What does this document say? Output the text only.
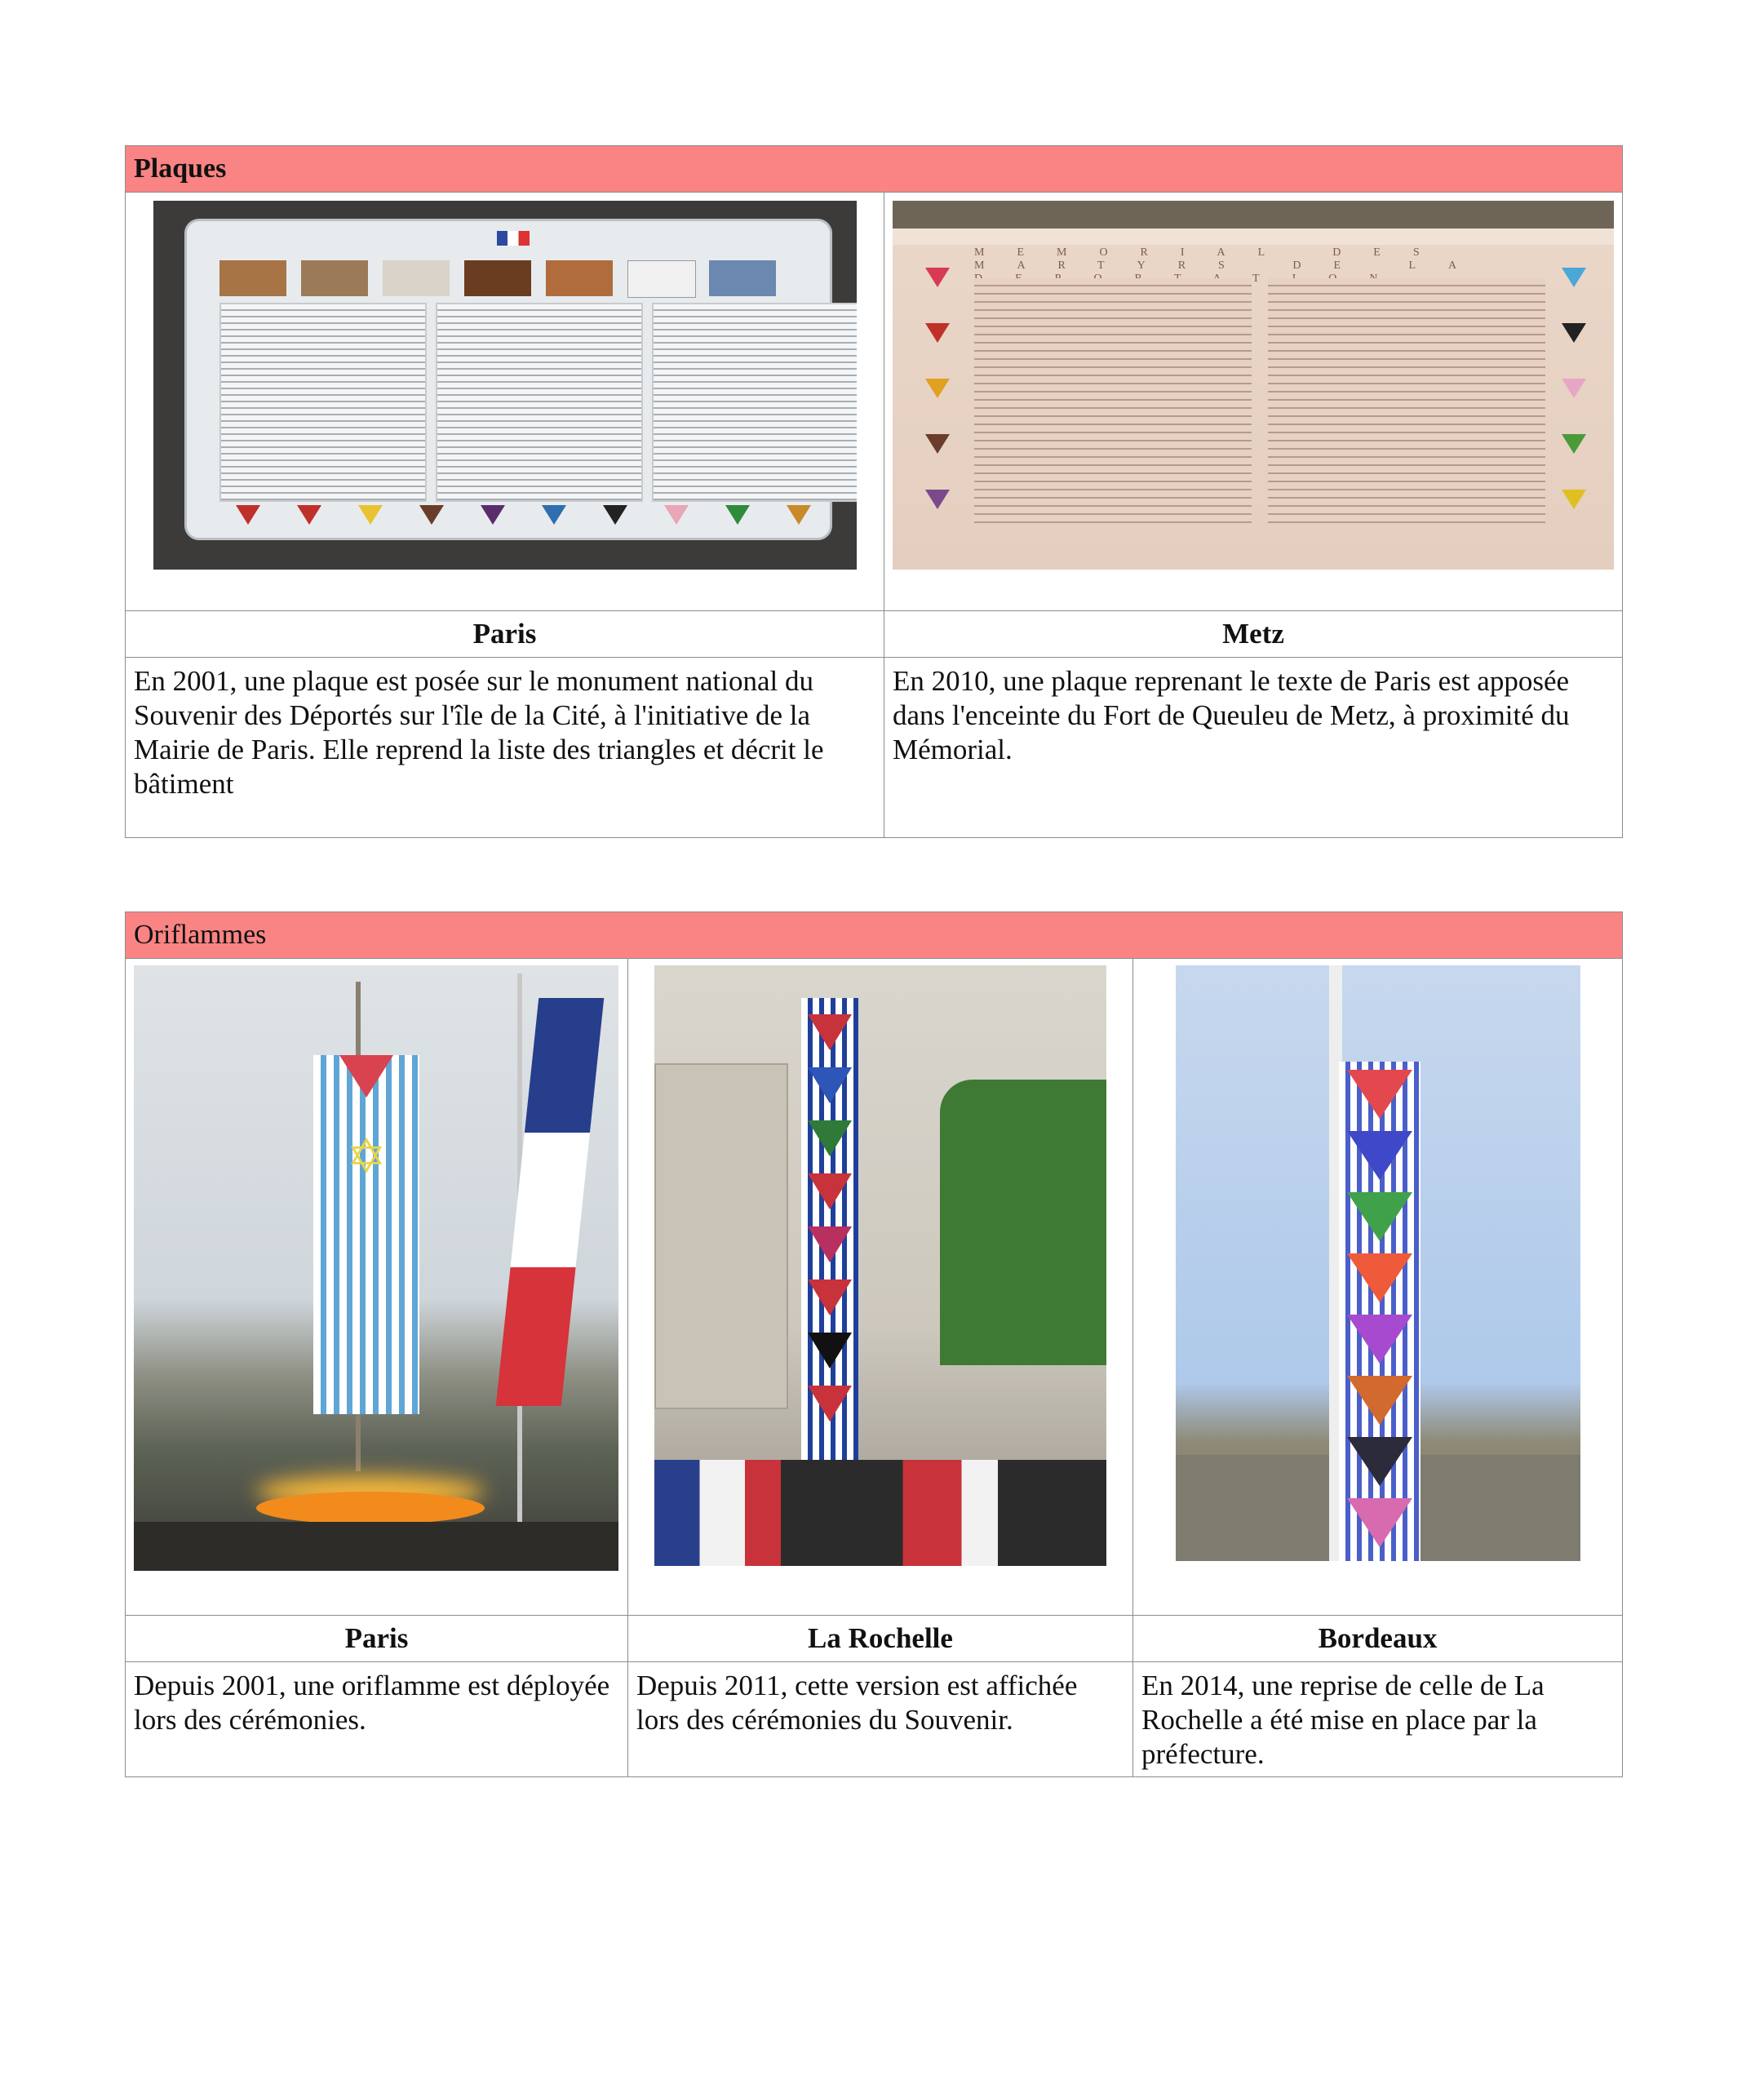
Plaques	

	MEMORIAL DES MARTYRS DE LA

Paris	Metz
En 2001, une plaque est posée sur le monument national du Souvenir des Déportés sur l'île de la Cité, à l'initiative de la Mairie de Paris. Elle reprend la liste des triangles et décrit le bâtiment	En 2010, une plaque reprenant le texte de Paris est apposée dans l'enceinte du Fort de Queuleu de Metz, à proximité du Mémorial.
Oriflammes		

✡		

Paris	La Rochelle	Bordeaux
Depuis 2001, une oriflamme est déployée lors des cérémonies.	Depuis 2011, cette version est affichée lors des cérémonies du Souvenir.	En 2014, une reprise de celle de La Rochelle a été mise en place par la préfecture.
